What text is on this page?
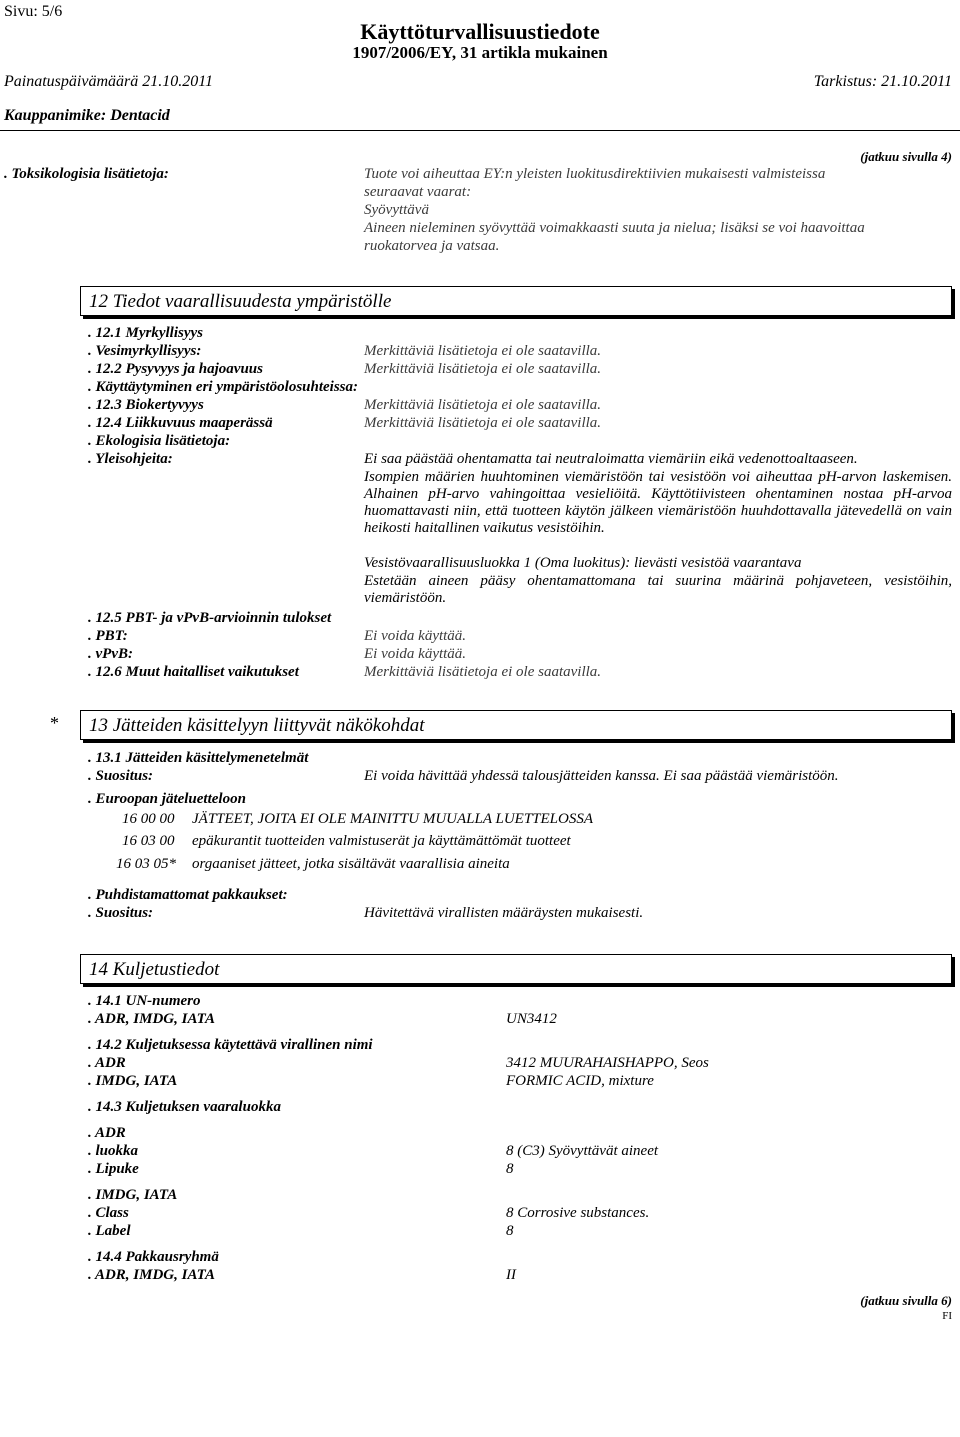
Sivu: 5/6
Käyttöturvallisuustiedote
1907/2006/EY, 31 artikla mukainen
Painatuspäivämäärä 21.10.2011	Tarkistus: 21.10.2011
Kauppanimike: Dentacid
(jatkuu sivulla 4)
. Toksikologisia lisätietoja:	Tuote voi aiheuttaa EY:n yleisten luokitusdirektiivien mukaisesti valmisteissa
seuraavat vaarat:
Syövyttävä
Aineen nieleminen syövyttää voimakkaasti suuta ja nielua; lisäksi se voi haavoittaa
ruokatorvea ja vatsaa.
12 Tiedot vaarallisuudesta ympäristölle
. 12.1 Myrkyllisyys
. Vesimyrkyllisyys:	Merkittäviä lisätietoja ei ole saatavilla.
. 12.2 Pysyvyys ja hajoavuus	Merkittäviä lisätietoja ei ole saatavilla.
. Käyttäytyminen eri ympäristöolosuhteissa:
. 12.3 Biokertyvyys	Merkittäviä lisätietoja ei ole saatavilla.
. 12.4 Liikkuvuus maaperässä	Merkittäviä lisätietoja ei ole saatavilla.
. Ekologisia lisätietoja:
. Yleisohjeita:	Ei saa päästää ohentamatta tai neutraloimatta viemäriin eikä vedenottoaltaaseen.
Isompien määrien huuhtominen viemäristöön tai vesistöön voi aiheuttaa pH-arvon laskemisen. Alhainen pH-arvo vahingoittaa vesieliöitä. Käyttötiivisteen ohentaminen nostaa pH-arvoa huomattavasti niin, että tuotteen käytön jälkeen viemäristöön huuhdottavalla jätevedellä on vain heikosti haitallinen vaikutus vesistöihin.
Vesistövaarallisuusluokka 1 (Oma luokitus): lievästi vesistöä vaarantava
Estetään aineen pääsy ohentamattomana tai suurina määrinä pohjaveteen, vesistöihin, viemäristöön.
. 12.5 PBT- ja vPvB-arvioinnin tulokset
. PBT:	Ei voida käyttää.
. vPvB:	Ei voida käyttää.
. 12.6 Muut haitalliset vaikutukset	Merkittäviä lisätietoja ei ole saatavilla.
* 13 Jätteiden käsittelyyn liittyvät näkökohdat
. 13.1 Jätteiden käsittelymenetelmät
. Suositus:	Ei voida hävittää yhdessä talousjätteiden kanssa. Ei saa päästää viemäristöön.
. Euroopan jäteluetteloon
16 00 00 JÄTTEET, JOITA EI OLE MAINITTU MUUALLA LUETTELOSSA
16 03 00 epäkurantit tuotteiden valmistuserät ja käyttämättömät tuotteet
16 03 05* orgaaniset jätteet, jotka sisältävät vaarallisia aineita
. Puhdistamattomat pakkaukset:
. Suositus:	Hävitettävä virallisten määräysten mukaisesti.
14 Kuljetustiedot
. 14.1 UN-numero
. ADR, IMDG, IATA	UN3412
. 14.2 Kuljetuksessa käytettävä virallinen nimi
. ADR	3412 MUURAHAISHAPPO, Seos
. IMDG, IATA	FORMIC ACID, mixture
. 14.3 Kuljetuksen vaaraluokka
. ADR
. luokka	8 (C3) Syövyttävät aineet
. Lipuke	8
. IMDG, IATA
. Class	8 Corrosive substances.
. Label	8
. 14.4 Pakkausryhmä
. ADR, IMDG, IATA	II
(jatkuu sivulla 6)
FI
